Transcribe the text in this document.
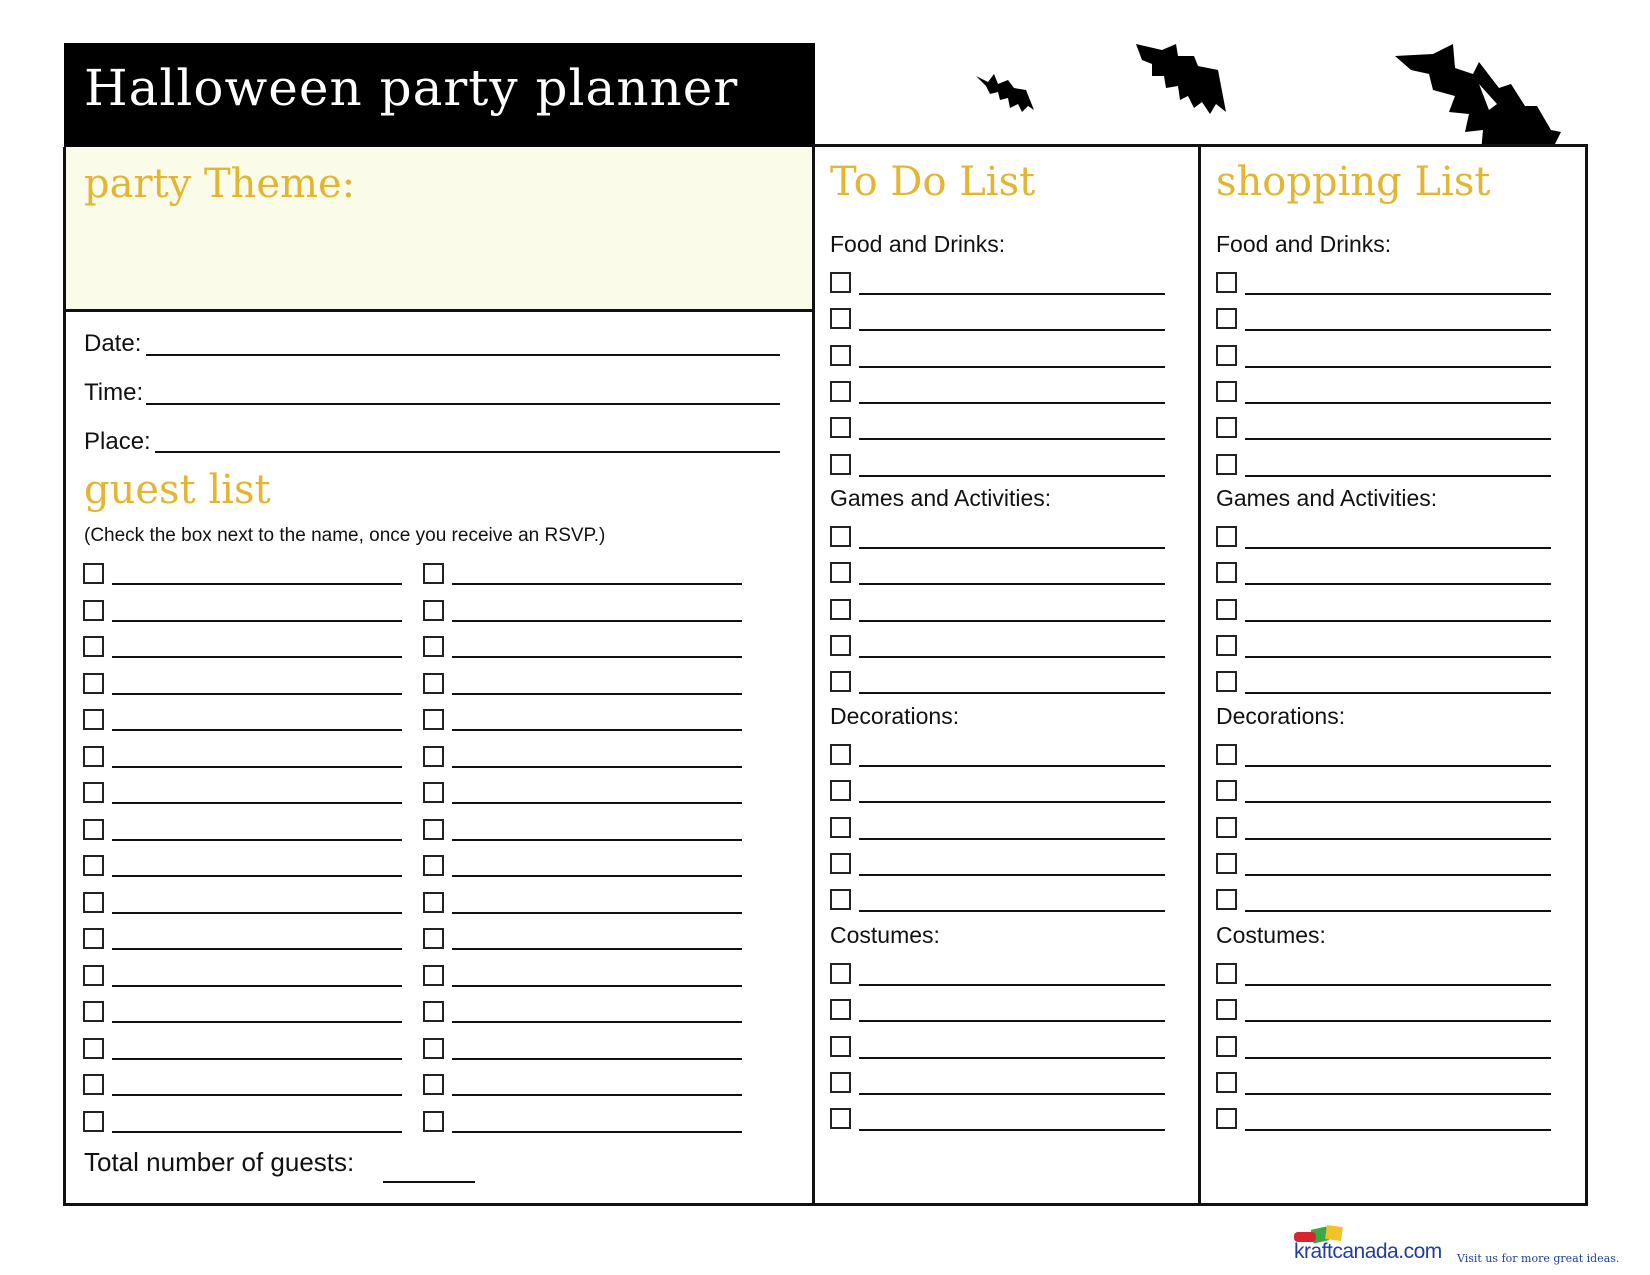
Halloween party planner
party Theme:
Date:
Time:
Place:
guest list
(Check the box next to the name, once you receive an RSVP.)
Total number of guests:
To Do List
Food and Drinks:
Games and Activities:
Decorations:
Costumes:
shopping List
Food and Drinks:
Games and Activities:
Decorations:
Costumes:
kraftcanada.com Visit us for more great ideas.
